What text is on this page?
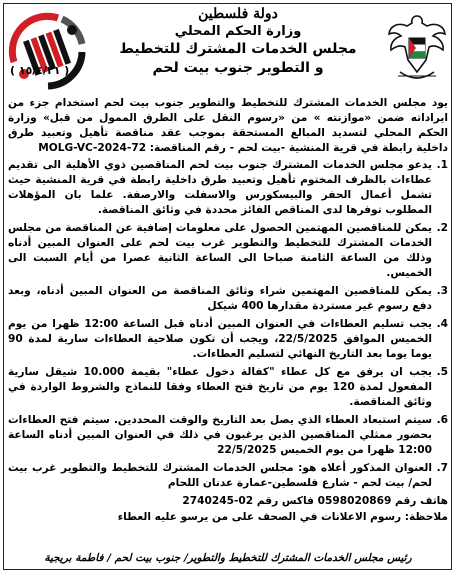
دولة فلسطين
وزارة الحكم المحلي
مجلس الخدمات المشترك للتخطيط
و التطوير جنوب بيت لحم
( ١٥/٤/٢١ )
يود مجلس الخدمات المشترك للتخطيط والتطوير جنوب بيت لحم استخدام جزء من ايراداته ضمن «موازنته » من «رسوم النقل على الطرق الممول من قبل» وزارة الحكم المحلي لتسديد المبالغ المستحقة بموجب عقد مناقصة تأهيل وتعبيد طرق داخلية رابطة في قرية المنشية -بيت لحم - رقم المناقصة: MOLG-VC-2024-72
1.
يدعو مجلس الخدمات المشترك جنوب بيت لحم المناقصين ذوي الأهلية الى تقديم عطاءات بالظرف المختوم تأهيل وتعبيد طرق داخلية رابطة في قرية المنشية حيث تشمل أعمال الحفر والبيسكورس والاسفلت والارصفة. علما بان المؤهلات المطلوب توفرها لدى المناقص الفائز محددة في وثائق المناقصة.
2.
يمكن للمناقصين المهتمين الحصول على معلومات إضافية عن المناقصة من مجلس الخدمات المشترك للتخطيط والتطوير غرب بيت لحم على العنوان المبين أدناه وذلك من الساعة الثامنة صباحا الى الساعة الثانية عصرا من أيام السبت الى الخميس.
3.
يمكن للمناقصين المهتمين شراء وثائق المناقصة من العنوان المبين أدناه، وبعد دفع رسوم غير مستردة مقدارها 400 شيكل
4.
يجب تسليم العطاءات في العنوان المبين أدناه قبل الساعة 12:00 ظهرا من يوم الخميس الموافق 22/5/2025، ويجب أن تكون صلاحية العطاءات سارية لمدة 90 يوما يوما بعد التاريخ النهائي لتسليم العطاءات.
5.
يجب ان يرفق مع كل عطاء "كفالة دخول عطاء" بقيمة 10.000 شيقل سارية المفعول لمدة 120 يوم من تاريخ فتح العطاء وفقا للنماذج والشروط الواردة في وثائق المناقصة.
6.
سيتم استبعاد العطاء الذي يصل بعد التاريخ والوقت المحددين. سيتم فتح العطاءات بحضور ممثلي المناقصين الذين يرغبون في ذلك في العنوان المبين أدناه الساعة 12:00 ظهرا من يوم الخميس 22/5/2025
7.
العنوان المذكور أعلاه هو: مجلس الخدمات المشترك للتخطيط والتطوير غرب بيت لحم/ بيت لحم - شارع فلسطين-عمارة عدنان اللحام
هاتف رقم 0598020869 فاكس رقم 02-2740245
ملاحظة: رسوم الاعلانات في الصحف على من يرسو عليه العطاء
رئيس مجلس الخدمات المشترك للتخطيط والتطوير/ جنوب بيت لحم / فاطمة بريجية
